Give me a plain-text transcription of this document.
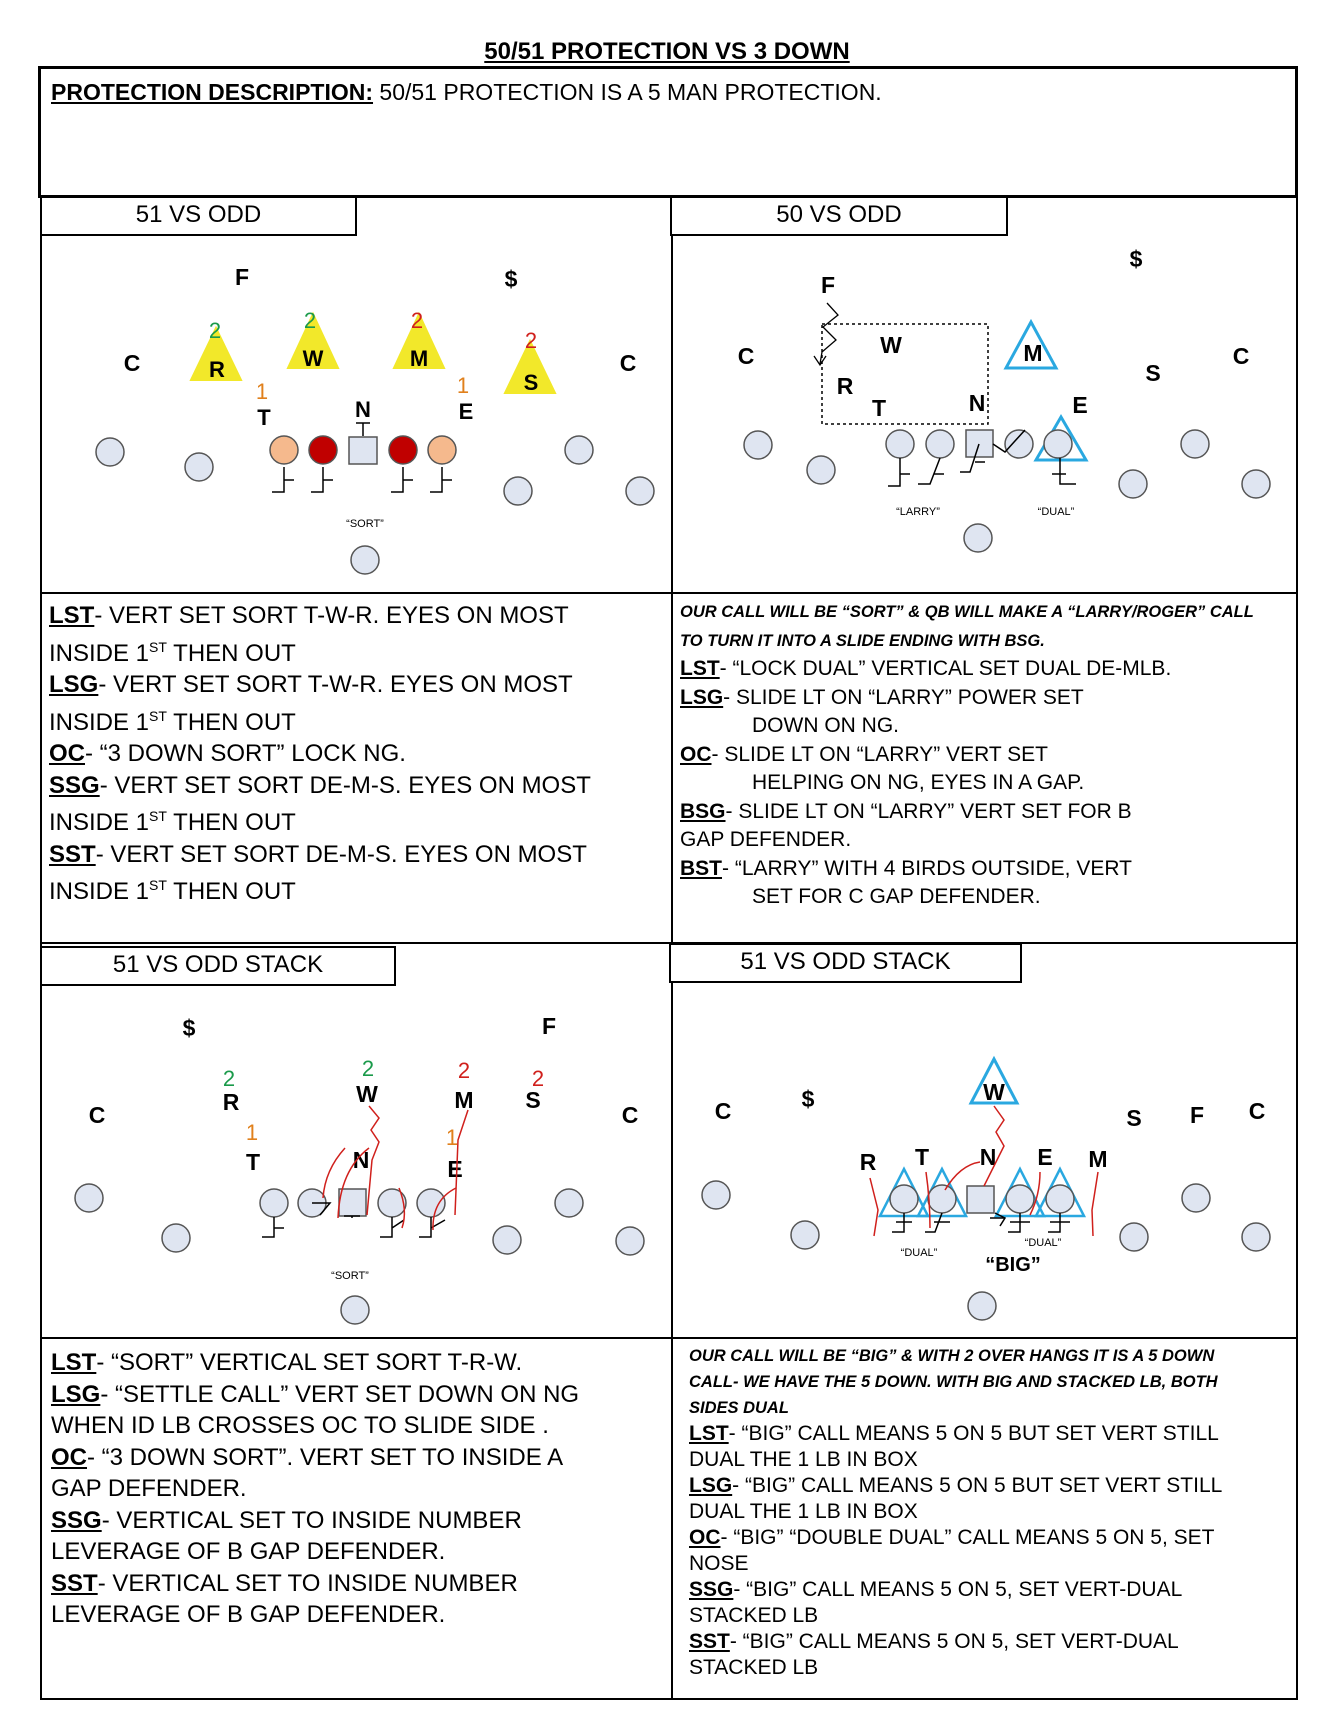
50/51 PROTECTION VS 3 DOWN
PROTECTION DESCRIPTION: 50/51 PROTECTION IS A 5 MAN PROTECTION.
51 VS ODD
F	$
C	C
R	W	M
S
T	N	E
2	2	2
2
1	1
“SORT”
LST- VERT SET SORT T-W-R. EYES ON MOST
INSIDE 1ST THEN OUT
LSG- VERT SET SORT T-W-R. EYES ON MOST
INSIDE 1ST THEN OUT
OC- “3 DOWN SORT” LOCK NG.
SSG- VERT SET SORT DE-M-S. EYES ON MOST
INSIDE 1ST THEN OUT
SST- VERT SET SORT DE-M-S. EYES ON MOST
INSIDE 1ST THEN OUT
50 VS ODD
F
$
C	C
W	M
R
T	N	E
S
“LARRY”	“DUAL”
OUR CALL WILL BE “SORT” & QB WILL MAKE A “LARRY/ROGER” CALL
TO TURN IT INTO A SLIDE ENDING WITH BSG.
LST- “LOCK DUAL” VERTICAL SET DUAL DE-MLB.
LSG- SLIDE LT ON “LARRY” POWER SET
DOWN ON NG.
OC- SLIDE LT ON “LARRY” VERT SET
HELPING ON NG, EYES IN A GAP.
BSG- SLIDE LT ON “LARRY” VERT SET FOR B
GAP DEFENDER.
BST- “LARRY” WITH 4 BIRDS OUTSIDE, VERT
SET FOR C GAP DEFENDER.
51 VS ODD STACK
$	F
C	C
R	W	M S
T	N	E
2	2	2	2
1	1
“SORT”
LST- “SORT” VERTICAL SET SORT T-R-W.
LSG- “SETTLE CALL” VERT SET DOWN ON NG
WHEN ID LB CROSSES OC TO SLIDE SIDE .
OC- “3 DOWN SORT”. VERT SET TO INSIDE A
GAP DEFENDER.
SSG- VERTICAL SET TO INSIDE NUMBER
LEVERAGE OF B GAP DEFENDER.
SST- VERTICAL SET TO INSIDE NUMBER
LEVERAGE OF B GAP DEFENDER.
51 VS ODD STACK
C	$	W
S F C
R T N E M
“DUAL”
“DUAL”
“BIG”
OUR CALL WILL BE “BIG” & WITH 2 OVER HANGS IT IS A 5 DOWN
CALL- WE HAVE THE 5 DOWN. WITH BIG AND STACKED LB, BOTH
SIDES DUAL
LST- “BIG” CALL MEANS 5 ON 5 BUT SET VERT STILL
DUAL THE 1 LB IN BOX
LSG- “BIG” CALL MEANS 5 ON 5 BUT SET VERT STILL
DUAL THE 1 LB IN BOX
OC- “BIG” “DOUBLE DUAL” CALL MEANS 5 ON 5, SET
NOSE
SSG- “BIG” CALL MEANS 5 ON 5, SET VERT-DUAL
STACKED LB
SST- “BIG” CALL MEANS 5 ON 5, SET VERT-DUAL
STACKED LB
